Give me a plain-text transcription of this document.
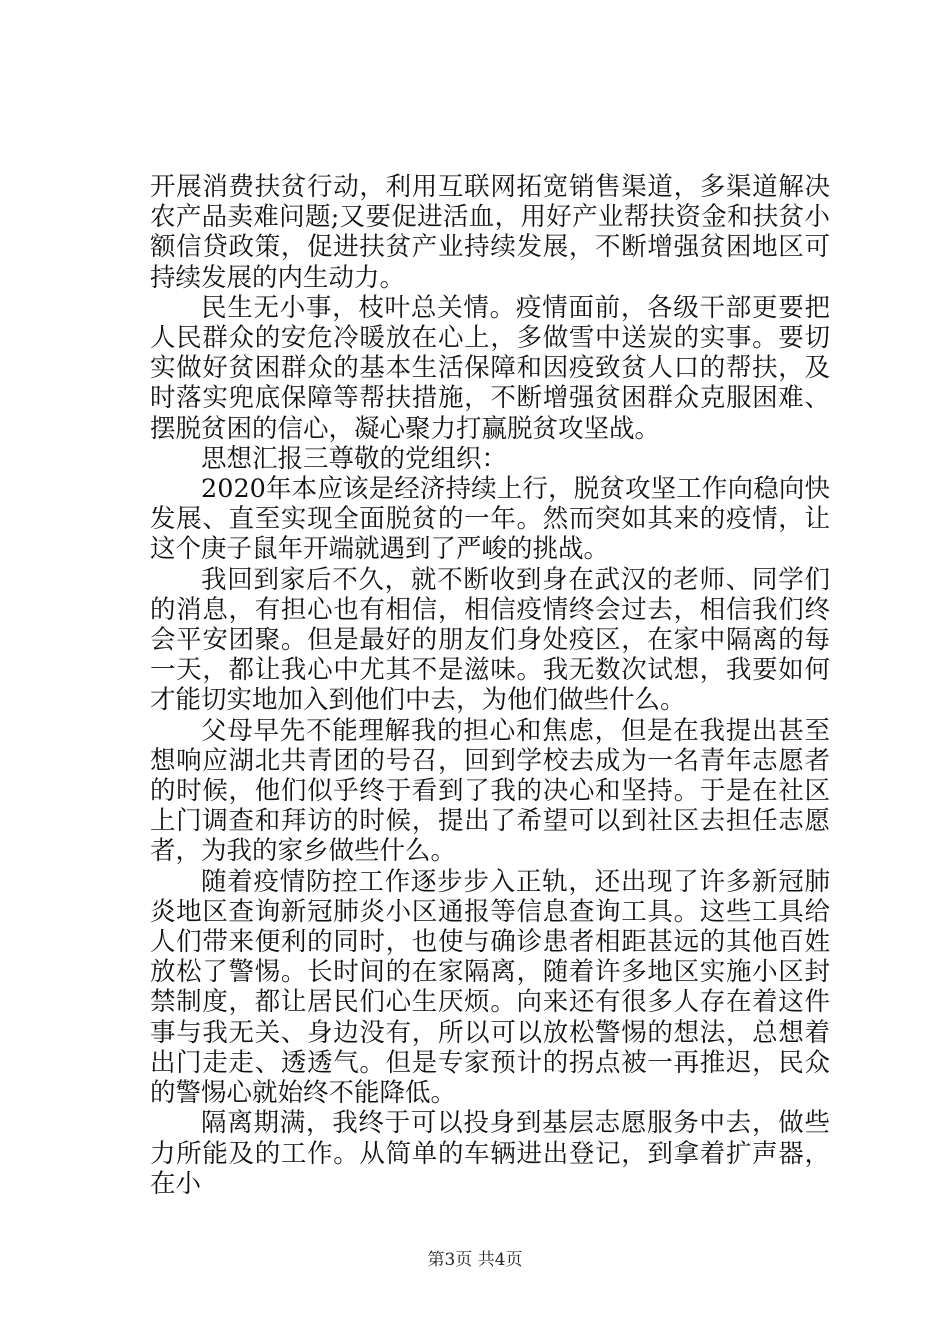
开展消费扶贫行动，利用互联网拓宽销售渠道，多渠道解决农产品卖难问题;又要促进活血，用好产业帮扶资金和扶贫小额信贷政策，促进扶贫产业持续发展，不断增强贫困地区可持续发展的内生动力。

民生无小事，枝叶总关情。疫情面前，各级干部更要把人民群众的安危冷暖放在心上，多做雪中送炭的实事。要切实做好贫困群众的基本生活保障和因疫致贫人口的帮扶，及时落实兜底保障等帮扶措施，不断增强贫困群众克服困难、摆脱贫困的信心，凝心聚力打赢脱贫攻坚战。

思想汇报三尊敬的党组织：

2020年本应该是经济持续上行，脱贫攻坚工作向稳向快发展、直至实现全面脱贫的一年。然而突如其来的疫情，让这个庚子鼠年开端就遇到了严峻的挑战。

我回到家后不久，就不断收到身在武汉的老师、同学们的消息，有担心也有相信，相信疫情终会过去，相信我们终会平安团聚。但是最好的朋友们身处疫区，在家中隔离的每一天，都让我心中尤其不是滋味。我无数次试想，我要如何才能切实地加入到他们中去，为他们做些什么。

父母早先不能理解我的担心和焦虑，但是在我提出甚至想响应湖北共青团的号召，回到学校去成为一名青年志愿者的时候，他们似乎终于看到了我的决心和坚持。于是在社区上门调查和拜访的时候，提出了希望可以到社区去担任志愿者，为我的家乡做些什么。

随着疫情防控工作逐步步入正轨，还出现了许多新冠肺炎地区查询新冠肺炎小区通报等信息查询工具。这些工具给人们带来便利的同时，也使与确诊患者相距甚远的其他百姓放松了警惕。长时间的在家隔离，随着许多地区实施小区封禁制度，都让居民们心生厌烦。向来还有很多人存在着这件事与我无关、身边没有，所以可以放松警惕的想法，总想着出门走走、透透气。但是专家预计的拐点被一再推迟，民众的警惕心就始终不能降低。

隔离期满，我终于可以投身到基层志愿服务中去，做些力所能及的工作。从简单的车辆进出登记，到拿着扩声器，在小

第3页 共4页
